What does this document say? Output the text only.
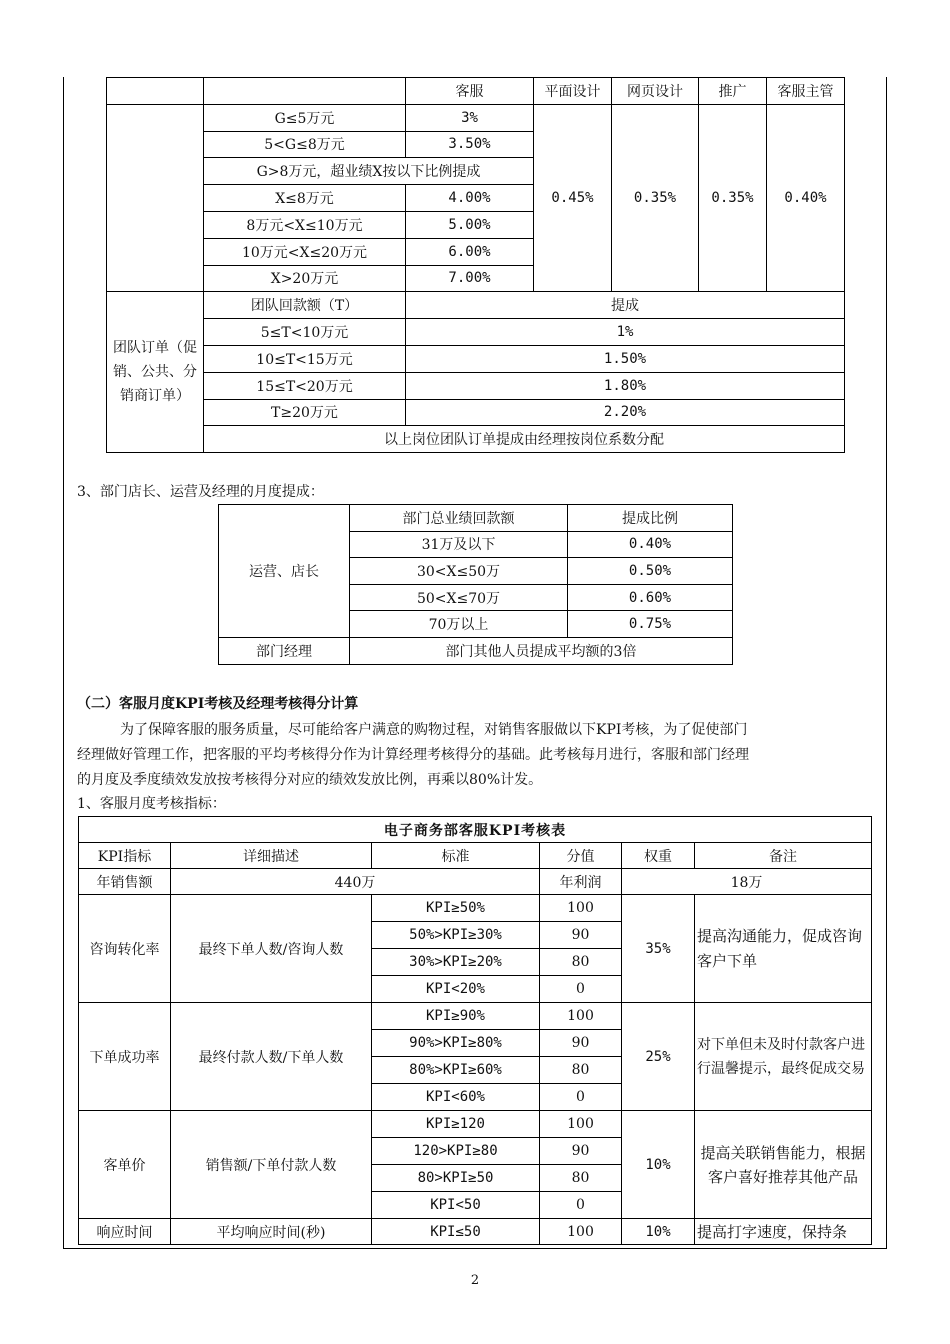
		客服	平面设计	网页设计	推广	客服主管
	G≤5万元	3%	0.45%	0.35%	0.35%	0.40%
	5<G≤8万元	3.50%				
	G>8万元，超业绩X按以下比例提成					
	X≤8万元	4.00%				
	8万元<X≤10万元	5.00%				
	10万元<X≤20万元	6.00%				
	X>20万元	7.00%				
团队订单（促销、公共、分销商订单）	团队回款额（T）	提成				
	5≤T<10万元	1%				
	10≤T<15万元	1.50%				
	15≤T<20万元	1.80%				
	T≥20万元	2.20%				
	以上岗位团队订单提成由经理按岗位系数分配					
3、部门店长、运营及经理的月度提成：
运营、店长	部门总业绩回款额	提成比例
	31万及以下	0.40%
	30<X≤50万	0.50%
	50<X≤70万	0.60%
	70万以上	0.75%
部门经理	部门其他人员提成平均额的3倍	
（二）客服月度KPI考核及经理考核得分计算
为了保障客服的服务质量，尽可能给客户满意的购物过程，对销售客服做以下KPI考核，为了促使部门
经理做好管理工作，把客服的平均考核得分作为计算经理考核得分的基础。此考核每月进行，客服和部门经理
的月度及季度绩效发放按考核得分对应的绩效发放比例，再乘以80%计发。
1、客服月度考核指标：
电子商务部客服KPI考核表					
KPI指标	详细描述	标准	分值	权重	备注
年销售额	440万		年利润	18万	
咨询转化率	最终下单人数/咨询人数	KPI≥50%	100	35%	提高沟通能力，促成咨询客户下单
		50%>KPI≥30%	90		
		30%>KPI≥20%	80		
		KPI<20%	0		
下单成功率	最终付款人数/下单人数	KPI≥90%	100	25%	对下单但未及时付款客户进行温馨提示，最终促成交易
		90%>KPI≥80%	90		
		80%>KPI≥60%	80		
		KPI<60%	0		
客单价	销售额/下单付款人数	KPI≥120	100	10%	提高关联销售能力，根据客户喜好推荐其他产品
		120>KPI≥80	90		
		80>KPI≥50	80		
		KPI<50	0		
响应时间	平均响应时间(秒)	KPI≤50	100	10%	提高打字速度，保持条
2
